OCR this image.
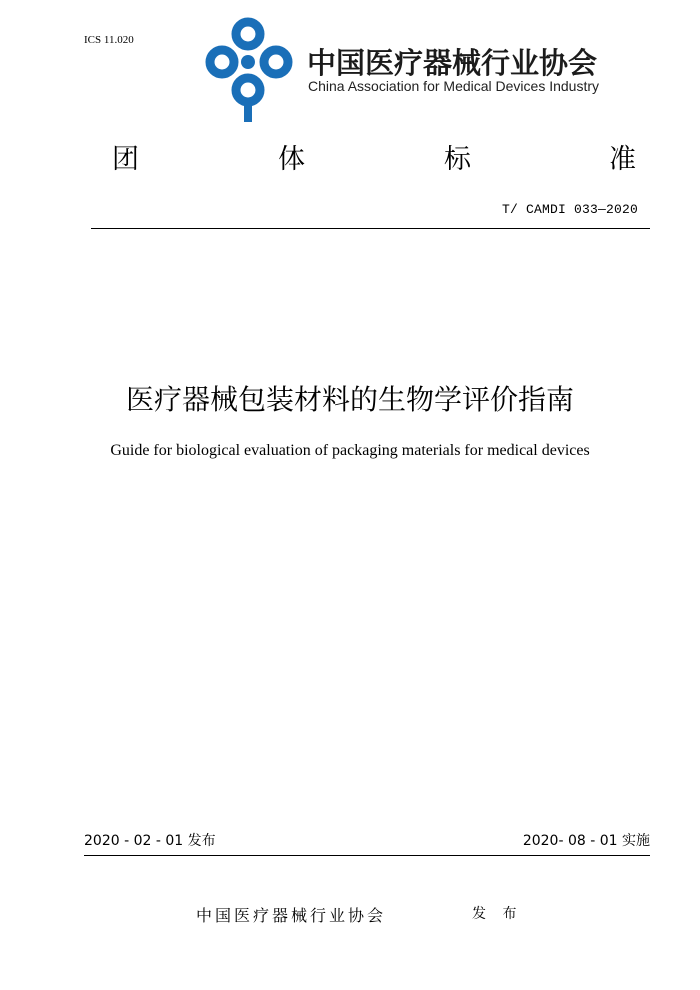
ICS 11.020
中国医疗器械行业协会
China Association for Medical Devices Industry
团	体	标	准
T/ CAMDI 033—2020
医疗器械包装材料的生物学评价指南
Guide for biological evaluation of packaging materials for medical devices
2020 - 02 - 01 发布	2020- 08 - 01 实施
中国医疗器械行业协会	发 布
